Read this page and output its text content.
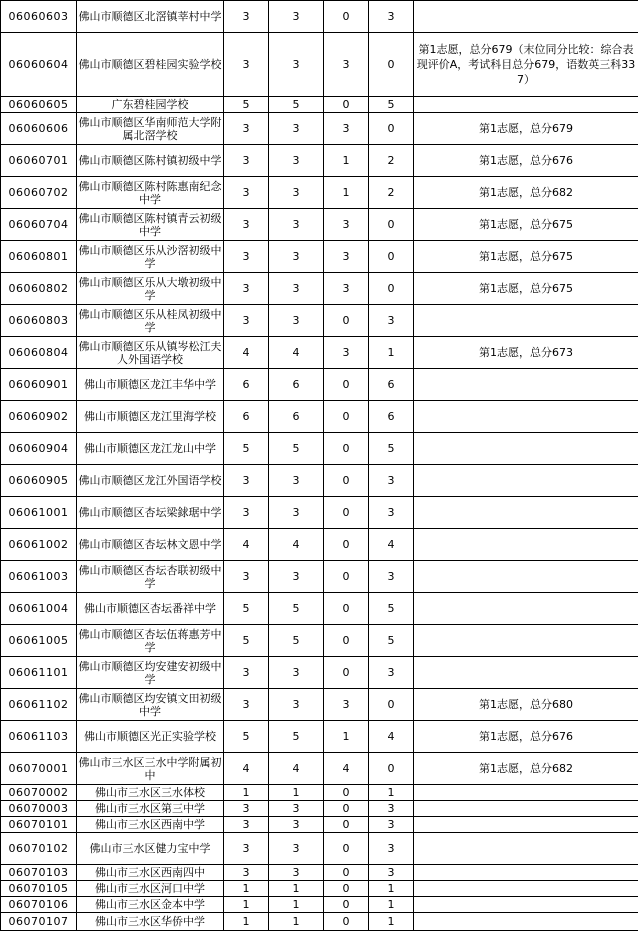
06060603	佛山市顺德区北滘镇莘村中学	3	3	0	3	
06060604	佛山市顺德区碧桂园实验学校	3	3	3	0	第1志愿，总分679（末位同分比较：综合表现评价A，考试科目总分679，语数英三科337）
06060605	广东碧桂园学校	5	5	0	5	
06060606	佛山市顺德区华南师范大学附属北滘学校	3	3	3	0	第1志愿，总分679
06060701	佛山市顺德区陈村镇初级中学	3	3	1	2	第1志愿，总分676
06060702	佛山市顺德区陈村陈惠南纪念中学	3	3	1	2	第1志愿，总分682
06060704	佛山市顺德区陈村镇青云初级中学	3	3	3	0	第1志愿，总分675
06060801	佛山市顺德区乐从沙滘初级中学	3	3	3	0	第1志愿，总分675
06060802	佛山市顺德区乐从大墩初级中学	3	3	3	0	第1志愿，总分675
06060803	佛山市顺德区乐从桂凤初级中学	3	3	0	3	
06060804	佛山市顺德区乐从镇岑松江夫人外国语学校	4	4	3	1	第1志愿，总分673
06060901	佛山市顺德区龙江丰华中学	6	6	0	6	
06060902	佛山市顺德区龙江里海学校	6	6	0	6	
06060904	佛山市顺德区龙江龙山中学	5	5	0	5	
06060905	佛山市顺德区龙江外国语学校	3	3	0	3	
06061001	佛山市顺德区杏坛梁銶琚中学	3	3	0	3	
06061002	佛山市顺德区杏坛林文恩中学	4	4	0	4	
06061003	佛山市顺德区杏坛杏联初级中学	3	3	0	3	
06061004	佛山市顺德区杏坛番祥中学	5	5	0	5	
06061005	佛山市顺德区杏坛伍蒋惠芳中学	5	5	0	5	
06061101	佛山市顺德区均安建安初级中学	3	3	0	3	
06061102	佛山市顺德区均安镇文田初级中学	3	3	3	0	第1志愿，总分680
06061103	佛山市顺德区光正实验学校	5	5	1	4	第1志愿，总分676
06070001	佛山市三水区三水中学附属初中	4	4	4	0	第1志愿，总分682
06070002	佛山市三水区三水体校	1	1	0	1	
06070003	佛山市三水区第三中学	3	3	0	3	
06070101	佛山市三水区西南中学	3	3	0	3	
06070102	佛山市三水区健力宝中学	3	3	0	3	
06070103	佛山市三水区西南四中	3	3	0	3	
06070105	佛山市三水区河口中学	1	1	0	1	
06070106	佛山市三水区金本中学	1	1	0	1	
06070107	佛山市三水区华侨中学	1	1	0	1	
